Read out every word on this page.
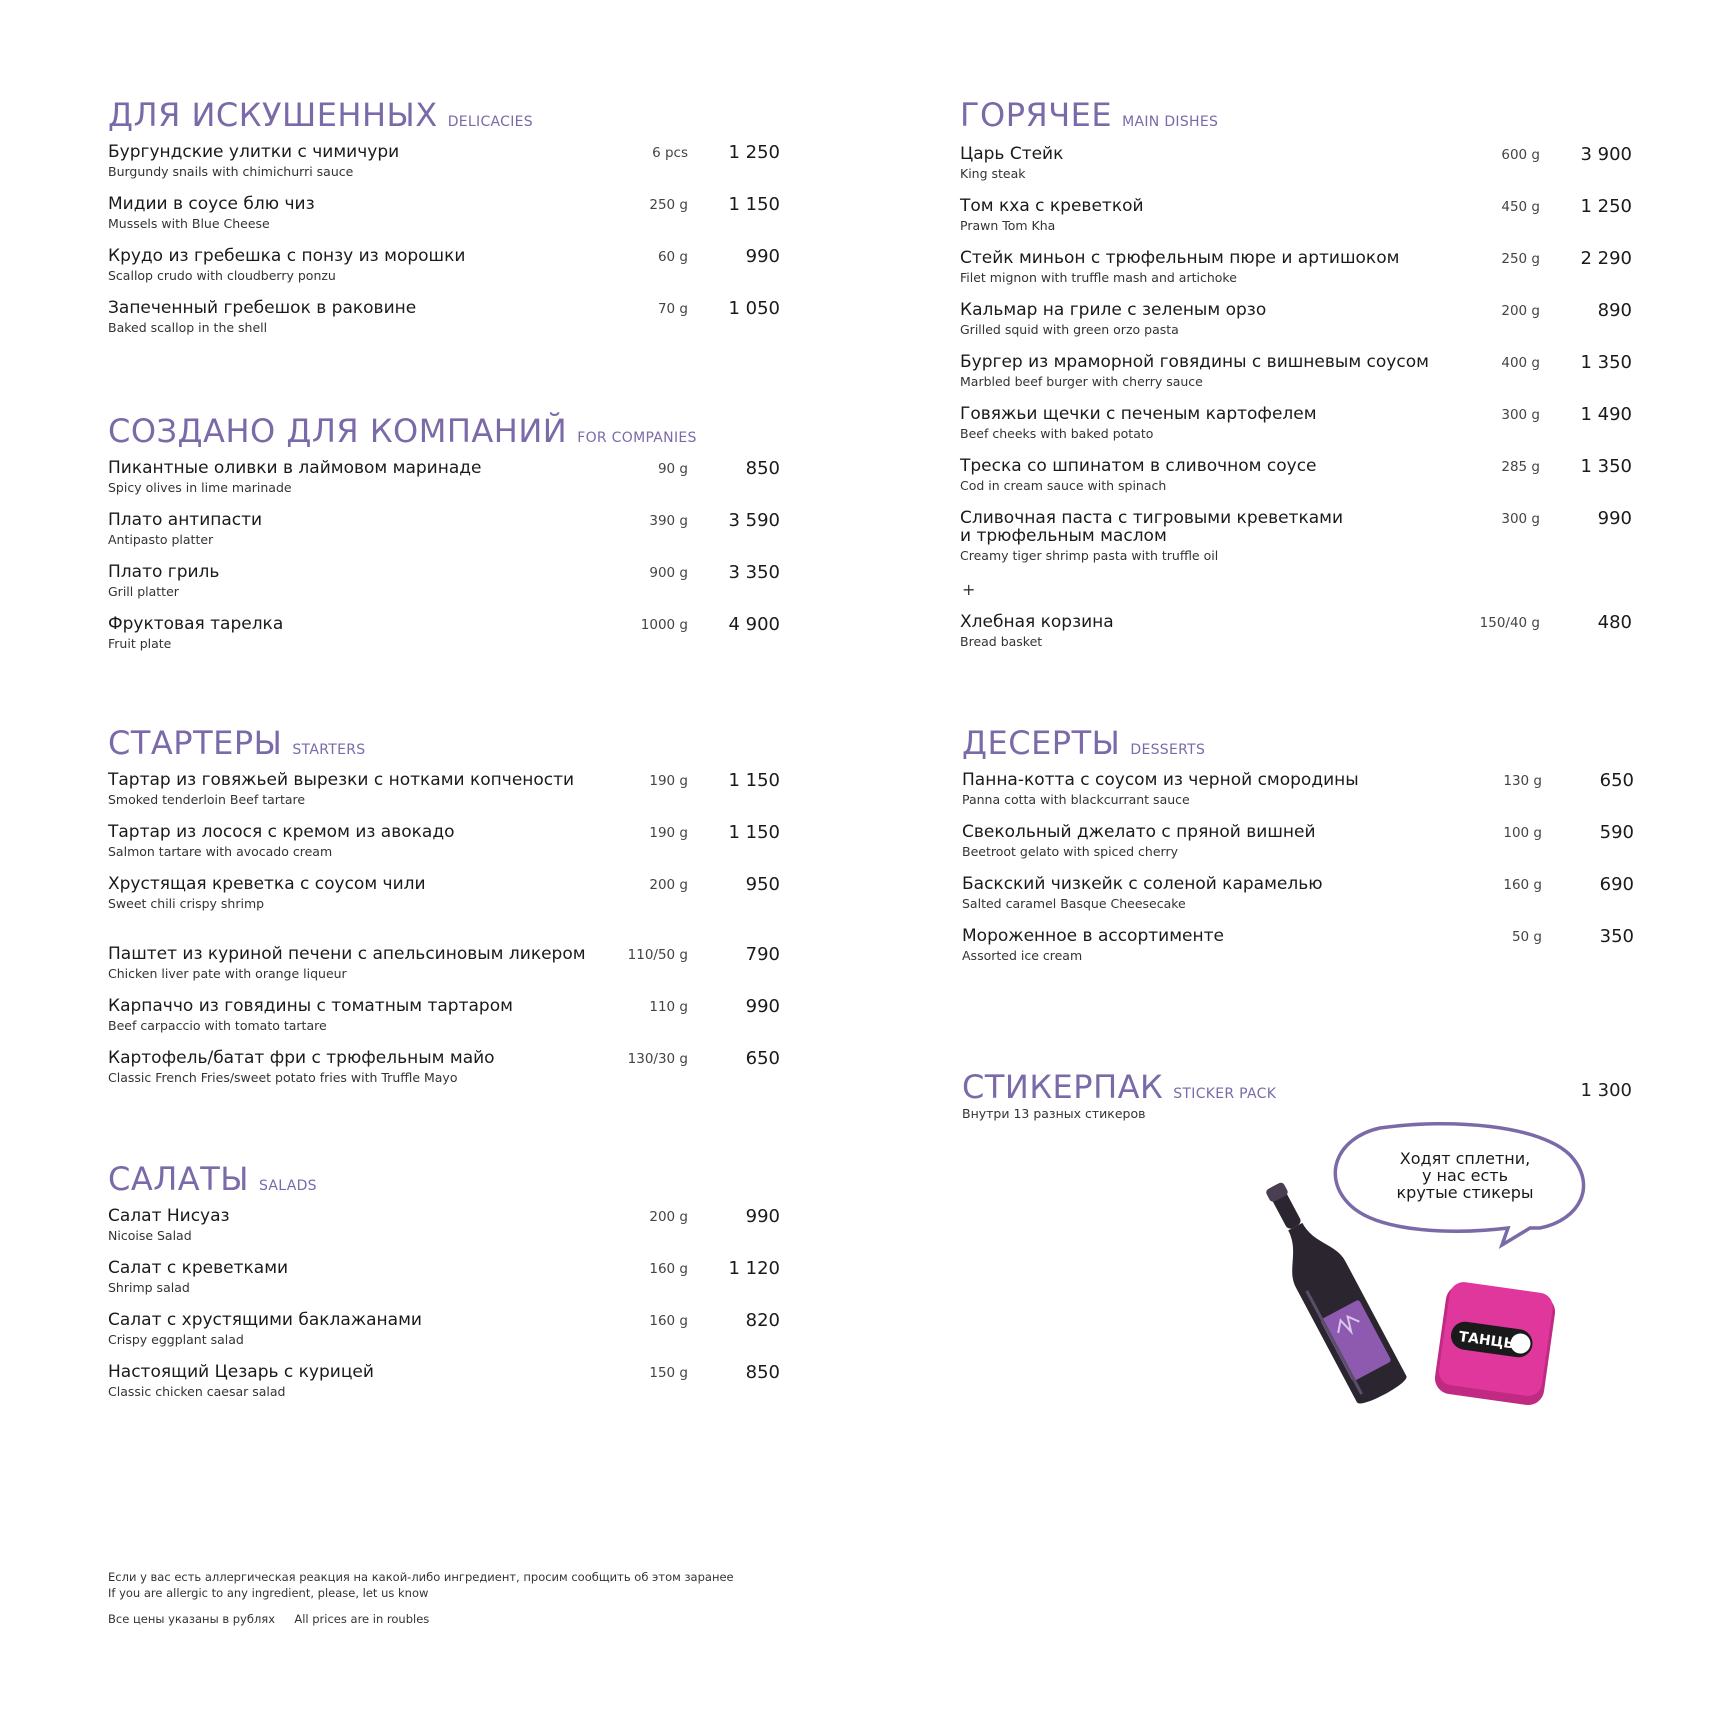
ДЛЯ ИСКУШЕННЫХ DELICACIES
Бургундские улитки с чимичури
Burgundy snails with chimichurri sauce
6 pcs	1 250
Мидии в соусе блю чиз
Mussels with Blue Cheese
250 g	1 150
Крудо из гребешка с понзу из морошки
Scallop crudo with cloudberry ponzu
60 g	990
Запеченный гребешок в раковине
Baked scallop in the shell
70 g	1 050
СОЗДАНО ДЛЯ КОМПАНИЙ FOR COMPANIES
Пикантные оливки в лаймовом маринаде
Spicy olives in lime marinade
90 g	850
Плато антипасти
Antipasto platter
390 g	3 590
Плато гриль
Grill platter
900 g	3 350
Фруктовая тарелка
Fruit plate
1000 g	4 900
СТАРТЕРЫ STARTERS
Тартар из говяжьей вырезки с нотками копчености
Smoked tenderloin Beef tartare
190 g	1 150
Тартар из лосося с кремом из авокадо
Salmon tartare with avocado cream
190 g	1 150
Хрустящая креветка с соусом чили
Sweet chili crispy shrimp
200 g	950
Паштет из куриной печени с апельсиновым ликером
Chicken liver pate with orange liqueur
110/50 g	790
Карпаччо из говядины с томатным тартаром
Beef carpaccio with tomato tartare
110 g	990
Картофель/батат фри с трюфельным майо
Classic French Fries/sweet potato fries with Truffle Mayo
130/30 g	650
САЛАТЫ SALADS
Салат Нисуаз
Nicoise Salad
200 g	990
Салат с креветками
Shrimp salad
160 g	1 120
Салат с хрустящими баклажанами
Crispy eggplant salad
160 g	820
Настоящий Цезарь с курицей
Classic chicken caesar salad
150 g	850
ГОРЯЧЕЕ MAIN DISHES
Царь Стейк
King steak
600 g	3 900
Том кха с креветкой
Prawn Tom Kha
450 g	1 250
Стейк миньон с трюфельным пюре и артишоком
Filet mignon with truffle mash and artichoke
250 g	2 290
Кальмар на гриле с зеленым орзо
Grilled squid with green orzo pasta
200 g	890
Бургер из мраморной говядины с вишневым соусом
Marbled beef burger with cherry sauce
400 g	1 350
Говяжьи щечки с печеным картофелем
Beef cheeks with baked potato
300 g	1 490
Треска со шпинатом в сливочном соусе
Cod in cream sauce with spinach
285 g	1 350
Сливочная паста с тигровыми креветками
и трюфельным маслом
Creamy tiger shrimp pasta with truffle oil
300 g	990
+
Хлебная корзина
Bread basket
150/40 g	480
ДЕСЕРТЫ DESSERTS
Панна-котта с соусом из черной смородины
Panna cotta with blackcurrant sauce
130 g	650
Свекольный джелато с пряной вишней
Beetroot gelato with spiced cherry
100 g	590
Баскский чизкейк с соленой карамелью
Salted caramel Basque Cheesecake
160 g	690
Мороженное в ассортименте
Assorted ice cream
50 g	350
СТИКЕРПАК STICKER PACK	1 300
Внутри 13 разных стикеров
ТАНЦЫ
Ходят сплетни,
у нас есть
крутые стикеры
Если у вас есть аллергическая реакция на какой-либо ингредиент, просим сообщить об этом заранее
If you are allergic to any ingredient, please, let us know
Все цены указаны в рублях All prices are in roubles
